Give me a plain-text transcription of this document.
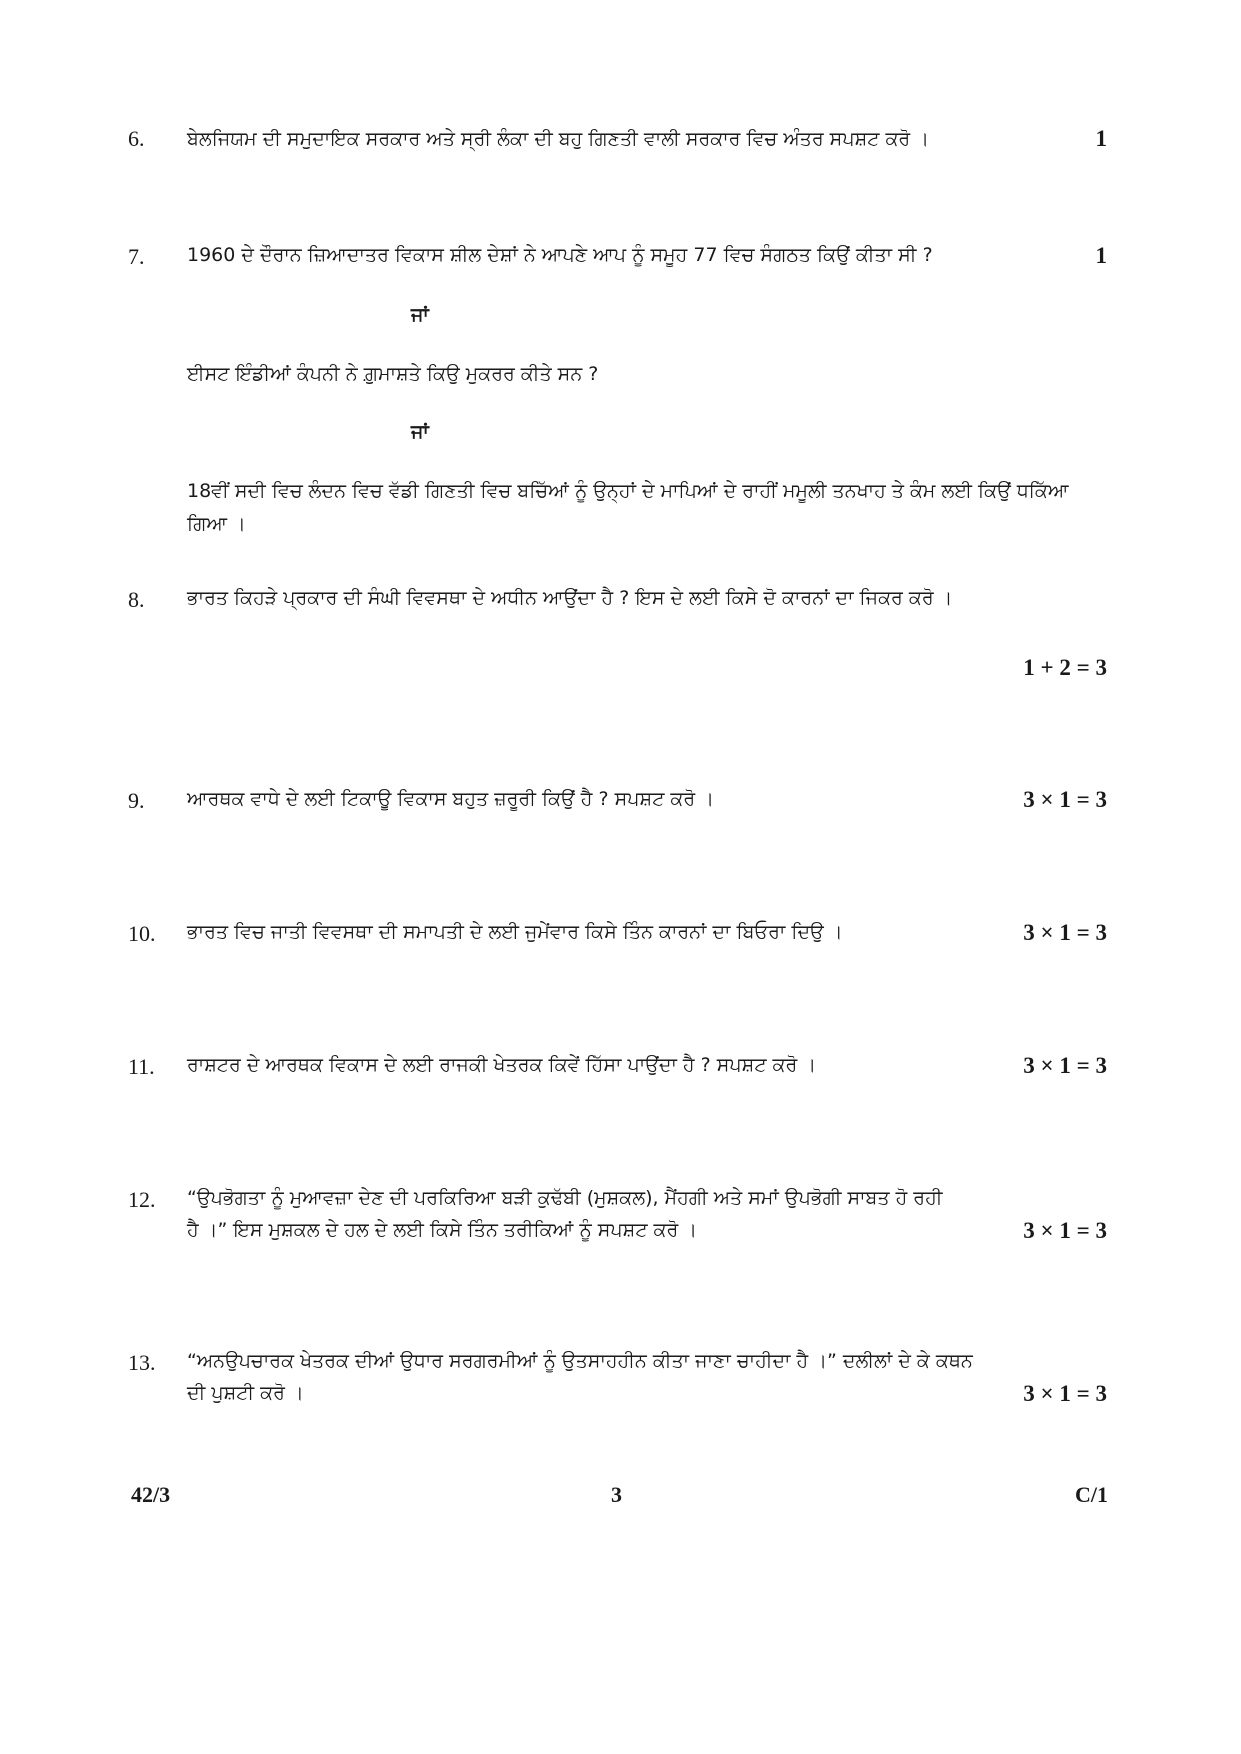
6. ਬੇਲਜਿਯਮ ਦੀ ਸਮੁਦਾਇਕ ਸਰਕਾਰ ਅਤੇ ਸ੍ਰੀ ਲੰਕਾ ਦੀ ਬਹੁ ਗਿਣਤੀ ਵਾਲੀ ਸਰਕਾਰ ਵਿਚ ਅੰਤਰ ਸਪਸ਼ਟ ਕਰੋ ।	1
7. 1960 ਦੇ ਦੌਰਾਨ ਜ਼ਿਆਦਾਤਰ ਵਿਕਾਸ ਸ਼ੀਲ ਦੇਸ਼ਾਂ ਨੇ ਆਪਣੇ ਆਪ ਨੂੰ ਸਮੂਹ 77 ਵਿਚ ਸੰਗਠਤ ਕਿਉਂ ਕੀਤਾ ਸੀ ?	1
ਜਾਂ
ਈਸਟ ਇੰਡੀਆਂ ਕੰਪਨੀ ਨੇ ਗ਼ੁਮਾਸ਼ਤੇ ਕਿਉ ਮੁਕਰਰ ਕੀਤੇ ਸਨ ?
ਜਾਂ
18ਵੀਂ ਸਦੀ ਵਿਚ ਲੰਦਨ ਵਿਚ ਵੱਡੀ ਗਿਣਤੀ ਵਿਚ ਬਚਿੱਆਂ ਨੂੰ ਉਨ੍ਹਾਂ ਦੇ ਮਾਪਿਆਂ ਦੇ ਰਾਹੀਂ ਮਮੂਲੀ ਤਨਖਾਹ ਤੇ ਕੰਮ ਲਈ ਕਿਉਂ ਧਕਿੱਆ ਗਿਆ ।
8. ਭਾਰਤ ਕਿਹੜੇ ਪ੍ਰਕਾਰ ਦੀ ਸੰਘੀ ਵਿਵਸਥਾ ਦੇ ਅਧੀਨ ਆਉਂਦਾ ਹੈ ? ਇਸ ਦੇ ਲਈ ਕਿਸੇ ਦੋ ਕਾਰਨਾਂ ਦਾ ਜਿਕਰ ਕਰੋ ।
1 + 2 = 3
9. ਆਰਥਕ ਵਾਧੇ ਦੇ ਲਈ ਟਿਕਾਊ ਵਿਕਾਸ ਬਹੁਤ ਜ਼ਰੂਰੀ ਕਿਉਂ ਹੈ ? ਸਪਸ਼ਟ ਕਰੋ ।	3 × 1 = 3
10. ਭਾਰਤ ਵਿਚ ਜਾਤੀ ਵਿਵਸਥਾ ਦੀ ਸਮਾਪਤੀ ਦੇ ਲਈ ਜੁਮੇਂਵਾਰ ਕਿਸੇ ਤਿੰਨ ਕਾਰਨਾਂ ਦਾ ਬਿਓਰਾ ਦਿਉ ।	3 × 1 = 3
11. ਰਾਸ਼ਟਰ ਦੇ ਆਰਥਕ ਵਿਕਾਸ ਦੇ ਲਈ ਰਾਜਕੀ ਖੇਤਰਕ ਕਿਵੇਂ ਹਿੱਸਾ ਪਾਉਂਦਾ ਹੈ ? ਸਪਸ਼ਟ ਕਰੋ ।	3 × 1 = 3
12. “ਉਪਭੋਗਤਾ ਨੂੰ ਮੁਆਵਜ਼ਾ ਦੇਣ ਦੀ ਪਰਕਿਰਿਆ ਬੜੀ ਕੁਢੱਬੀ (ਮੁਸ਼ਕਲ), ਮੈਂਹਗੀ ਅਤੇ ਸਮਾਂ ਉਪਭੋਗੀ ਸਾਬਤ ਹੋ ਰਹੀ
ਹੈ ।” ਇਸ ਮੁਸ਼ਕਲ ਦੇ ਹਲ ਦੇ ਲਈ ਕਿਸੇ ਤਿੰਨ ਤਰੀਕਿਆਂ ਨੂੰ ਸਪਸ਼ਟ ਕਰੋ ।	3 × 1 = 3
13. “ਅਨਉਪਚਾਰਕ ਖੇਤਰਕ ਦੀਆਂ ਉਧਾਰ ਸਰਗਰਮੀਆਂ ਨੂੰ ਉਤਸਾਹਹੀਨ ਕੀਤਾ ਜਾਣਾ ਚਾਹੀਦਾ ਹੈ ।” ਦਲੀਲਾਂ ਦੇ ਕੇ ਕਥਨ
ਦੀ ਪੁਸ਼ਟੀ ਕਰੋ ।	3 × 1 = 3
42/3	3	C/1
